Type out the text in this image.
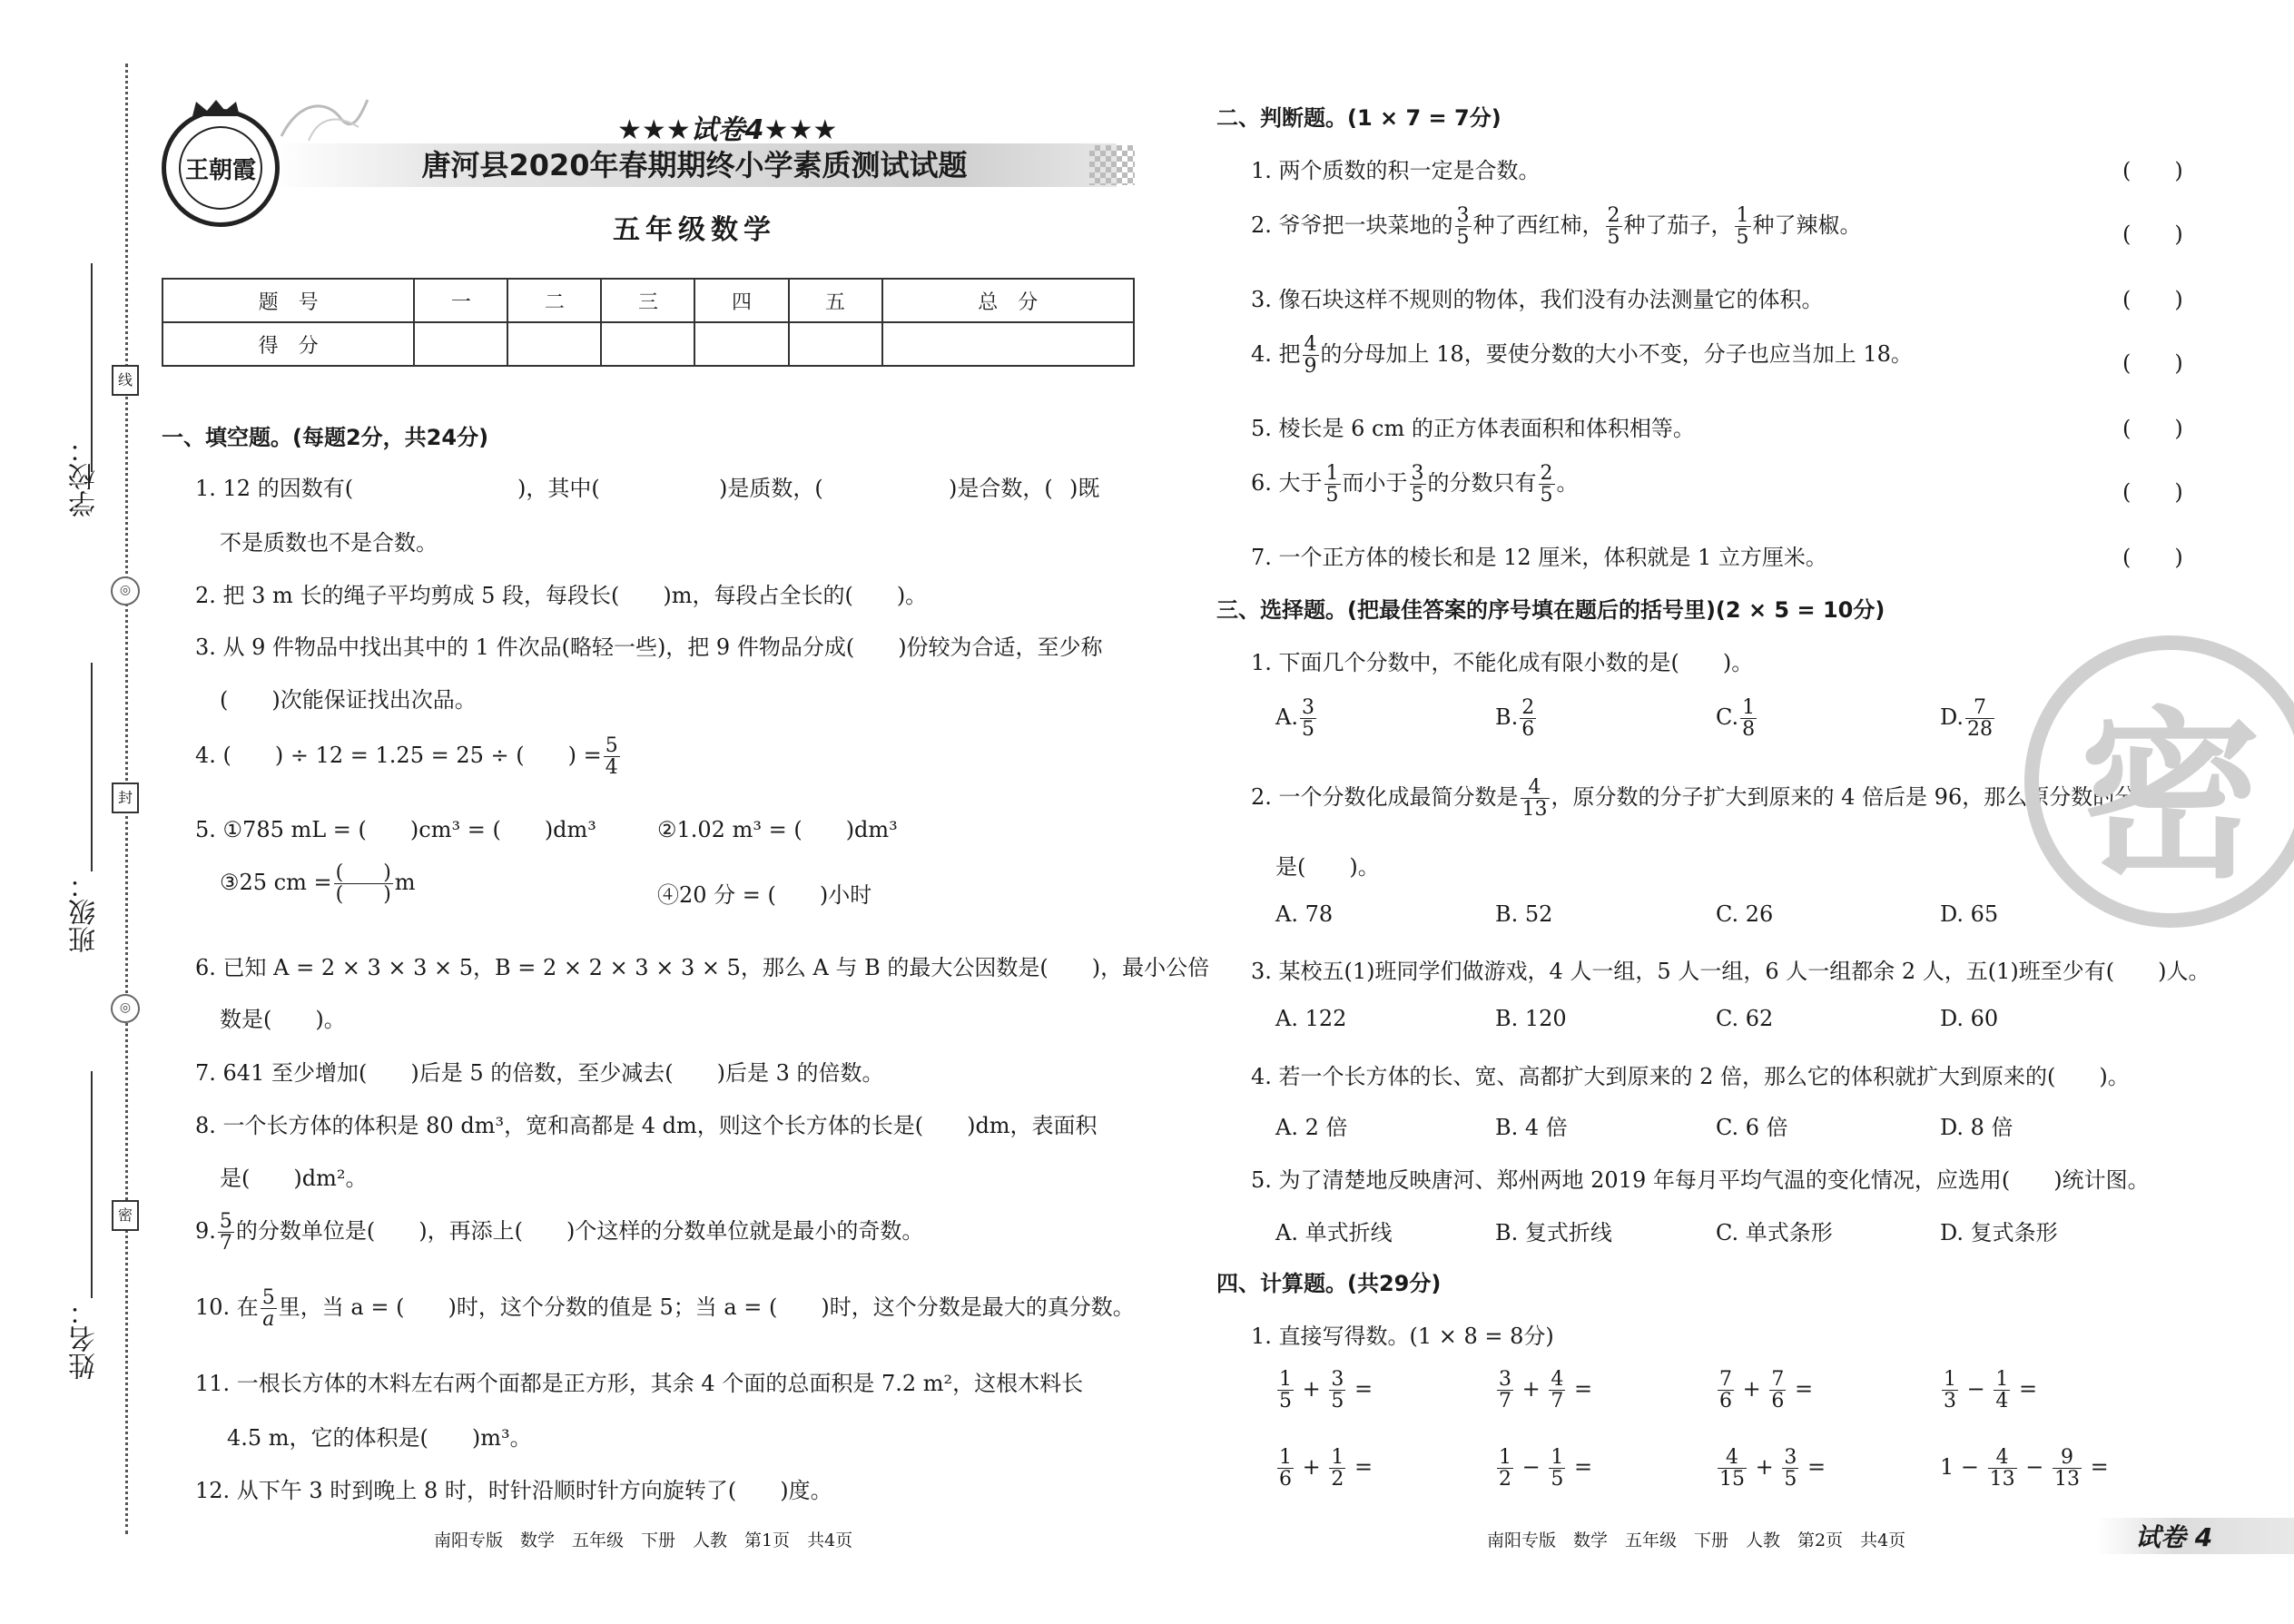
学校：
班级：
姓名：
线
封
密
◎
◎
王朝霞
★★★试卷4★★★
唐河县2020年春期期终小学素质测试试题
五年级数学
题　号	一	二	三	四	五	总　分
得　分						
一、填空题。(每题2分，共24分)
1. 12 的因数有(	)，其中(	)是质数，(	)是合数，( )既
不是质数也不是合数。
2. 把 3 m 长的绳子平均剪成 5 段，每段长(　　)m，每段占全长的(　　)。
3. 从 9 件物品中找出其中的 1 件次品(略轻一些)，把 9 件物品分成(　　)份较为合适，至少称
(　　)次能保证找出次品。
4. (　　) ÷ 12 = 1.25 = 25 ÷ (　　) = $\frac{5}{4}$
5. ①785 mL = (　　)cm³ = (　　)dm³	②1.02 m³ = (　　)dm³
③25 cm = $\frac{( )}{( )}$ m	④20 分 = (　　)小时
6. 已知 A = 2 × 3 × 3 × 5，B = 2 × 2 × 3 × 3 × 5，那么 A 与 B 的最大公因数是(　　)，最小公倍
数是(　　)。
7. 641 至少增加(　　)后是 5 的倍数，至少减去(　　)后是 3 的倍数。
8. 一个长方体的体积是 80 dm³，宽和高都是 4 dm，则这个长方体的长是(　　)dm，表面积
是(　　)dm²。
9. $\frac{5}{7}$ 的分数单位是(　　)，再添上(　　)个这样的分数单位就是最小的奇数。
10. 在 $\frac{5}{a}$ 里，当 a = (　　)时，这个分数的值是 5；当 a = (　　)时，这个分数是最大的真分数。
11. 一根长方体的木料左右两个面都是正方形，其余 4 个面的总面积是 7.2 m²，这根木料长
4.5 m，它的体积是(　　)m³。
12. 从下午 3 时到晚上 8 时，时针沿顺时针方向旋转了(　　)度。
南阳专版　数学　五年级　下册　人教　第1页　共4页
二、判断题。(1 × 7 = 7分)
1. 两个质数的积一定是合数。
2. 爷爷把一块菜地的 $\frac{3}{5}$ 种了西红柿， $\frac{2}{5}$ 种了茄子， $\frac{1}{5}$ 种了辣椒。
3. 像石块这样不规则的物体，我们没有办法测量它的体积。
4. 把 $\frac{4}{9}$ 的分母加上 18，要使分数的大小不变，分子也应当加上 18。
5. 棱长是 6 cm 的正方体表面积和体积相等。
6. 大于 $\frac{1}{5}$ 而小于 $\frac{3}{5}$ 的分数只有 $\frac{2}{5}$ 。
7. 一个正方体的棱长和是 12 厘米，体积就是 1 立方厘米。
(　　)
(　　)
(　　)
(　　)
(　　)
(　　)
(　　)
三、选择题。(把最佳答案的序号填在题后的括号里)(2 × 5 = 10分)
1. 下面几个分数中，不能化成有限小数的是(　　)。
A. $\frac{3}{5}$	B. $\frac{2}{6}$	C. $\frac{1}{8}$	D. $\frac{7}{28}$
2. 一个分数化成最简分数是 $\frac{4}{13}$ ，原分数的分子扩大到原来的 4 倍后是 96，那么原分数的分母
是(　　)。
A. 78	B. 52	C. 26	D. 65
3. 某校五(1)班同学们做游戏，4 人一组，5 人一组，6 人一组都余 2 人，五(1)班至少有(　　)人。
A. 122	B. 120	C. 62	D. 60
4. 若一个长方体的长、宽、高都扩大到原来的 2 倍，那么它的体积就扩大到原来的(　　)。
A. 2 倍	B. 4 倍	C. 6 倍	D. 8 倍
5. 为了清楚地反映唐河、郑州两地 2019 年每月平均气温的变化情况，应选用(　　)统计图。
A. 单式折线	B. 复式折线	C. 单式条形	D. 复式条形
四、计算题。(共29分)
1. 直接写得数。(1 × 8 = 8分)
$\frac{1}{5} + \frac{3}{5}$ =	$\frac{3}{7} + \frac{4}{7}$ =	$\frac{7}{6} + \frac{7}{6}$ =	$\frac{1}{3} - \frac{1}{4}$ =
$\frac{1}{6} + \frac{1}{2}$ =	$\frac{1}{2} - \frac{1}{5}$ =	$\frac{4}{15} + \frac{3}{5}$ =	$1 - \frac{4}{13} - \frac{9}{13}$ =
南阳专版　数学　五年级　下册　人教　第2页　共4页	试卷 4
密
